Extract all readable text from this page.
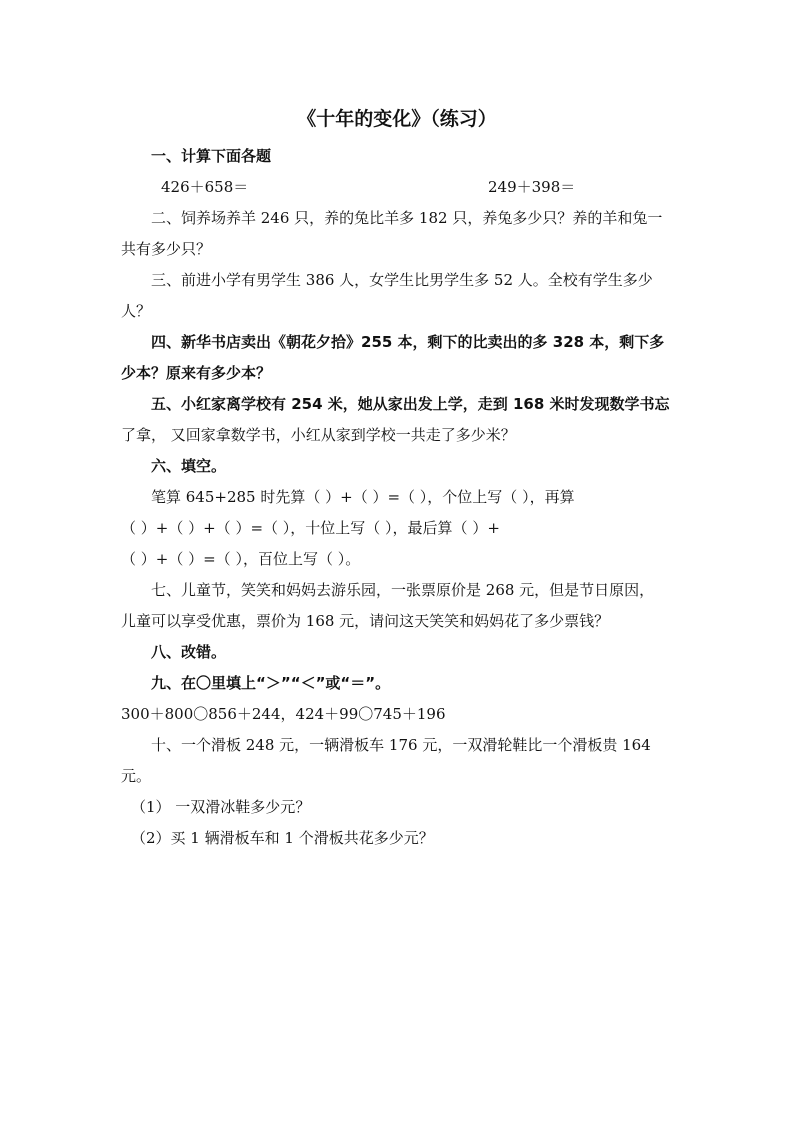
《十年的变化》（练习）

一、计算下面各题

426＋658＝	249＋398＝

二、饲养场养羊 246 只，养的兔比羊多 182 只，养兔多少只？养的羊和兔一

共有多少只？

三、前进小学有男学生 386 人，女学生比男学生多 52 人。全校有学生多少

人？

四、新华书店卖出《朝花夕拾》255 本，剩下的比卖出的多 328 本，剩下多

少本？原来有多少本？

五、小红家离学校有 254 米，她从家出发上学，走到 168 米时发现数学书忘

了拿， 又回家拿数学书，小红从家到学校一共走了多少米？

六、填空。

笔算 645+285 时先算（ ）+（ ）=（ ），个位上写（ ），再算

（ ）+（ ）+（ ）=（ ），十位上写（ ），最后算（ ）+

（ ）+（ ）=（ ），百位上写（ ）。

七、儿童节，笑笑和妈妈去游乐园，一张票原价是 268 元，但是节日原因，

儿童可以享受优惠，票价为 168 元，请问这天笑笑和妈妈花了多少票钱？

八、改错。

九、在〇里填上“＞”“＜”或“＝”。

300＋800〇856＋244，424＋99〇745＋196

十、一个滑板 248 元，一辆滑板车 176 元，一双滑轮鞋比一个滑板贵 164 元。

（1） 一双滑冰鞋多少元？

（2）买 1 辆滑板车和 1 个滑板共花多少元？
